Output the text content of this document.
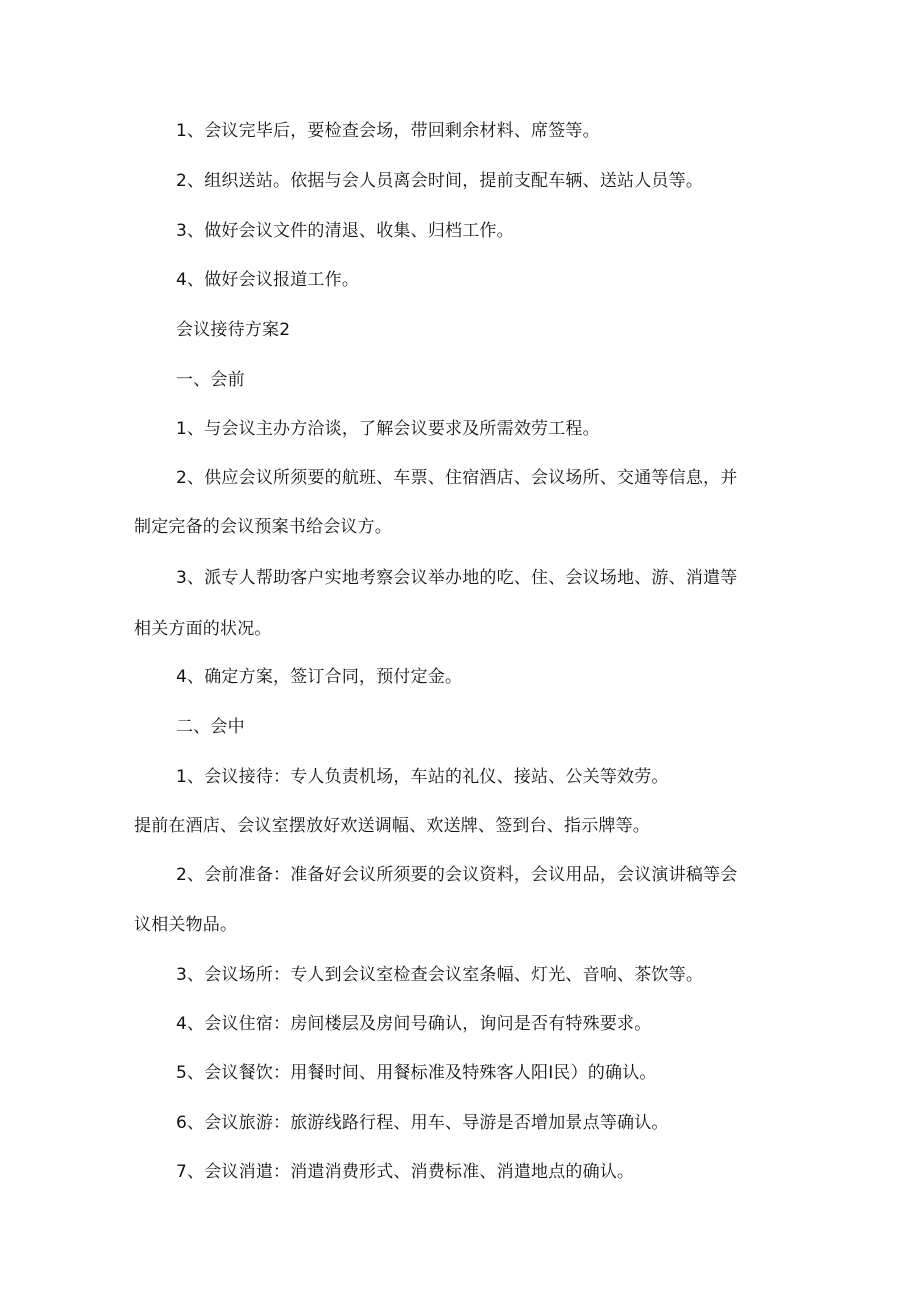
1、会议完毕后，要检查会场，带回剩余材料、席签等。
2、组织送站。依据与会人员离会时间，提前支配车辆、送站人员等。
3、做好会议文件的清退、收集、归档工作。
4、做好会议报道工作。
会议接待方案2
一、会前
1、与会议主办方洽谈，了解会议要求及所需效劳工程。
2、供应会议所须要的航班、车票、住宿酒店、会议场所、交通等信息，并
制定完备的会议预案书给会议方。
3、派专人帮助客户实地考察会议举办地的吃、住、会议场地、游、消遣等
相关方面的状况。
4、确定方案，签订合同，预付定金。
二、会中
1、会议接待：专人负责机场，车站的礼仪、接站、公关等效劳。
提前在酒店、会议室摆放好欢送调幅、欢送牌、签到台、指示牌等。
2、会前准备：准备好会议所须要的会议资料，会议用品，会议演讲稿等会
议相关物品。
3、会议场所：专人到会议室检查会议室条幅、灯光、音响、茶饮等。
4、会议住宿：房间楼层及房间号确认，询问是否有特殊要求。
5、会议餐饮：用餐时间、用餐标准及特殊客人阳I民）的确认。
6、会议旅游：旅游线路行程、用车、导游是否增加景点等确认。
7、会议消遣：消遣消费形式、消费标准、消遣地点的确认。
